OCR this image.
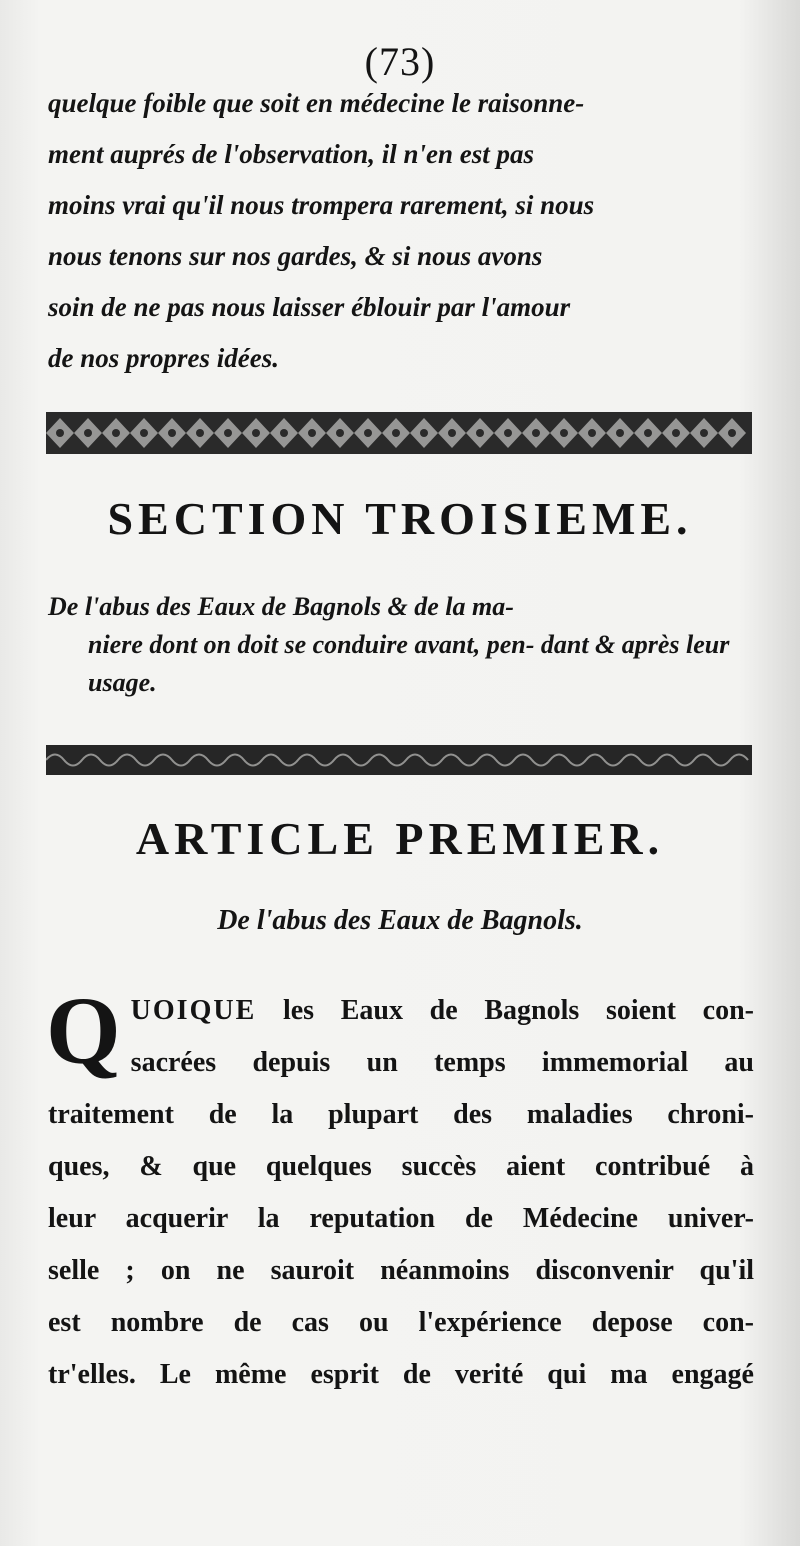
(73)

quelque foible que soit en médecine le raisonne-

ment auprés de l'observation, il n'en est pas

moins vrai qu'il nous trompera rarement, si nous

nous tenons sur nos gardes, & si nous avons

soin de ne pas nous laisser éblouir par l'amour

de nos propres idées.

SECTION TROISIEME.
De l'abus des Eaux de Bagnols & de la ma-
niere dont on doit se conduire avant, pen- dant & après leur usage.
ARTICLE PREMIER.
De l'abus des Eaux de Bagnols.
Q UOIQUE les Eaux de Bagnols soient con-
sacrées depuis un temps immemorial au
traitement de la plupart des maladies chroni-
ques, & que quelques succès aient contribué à
leur acquerir la reputation de Médecine univer-
selle ; on ne sauroit néanmoins disconvenir qu'il
est nombre de cas ou l'expérience depose con-
tr'elles. Le même esprit de verité qui ma engagé
